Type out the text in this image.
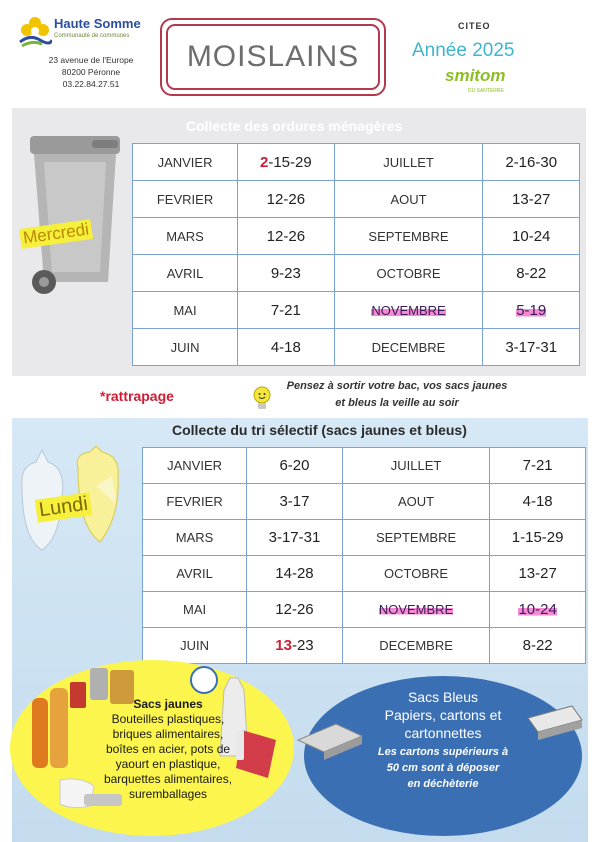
Haute Somme
Communauté de communes
23 avenue de l'Europe
80200 Péronne
03.22.84.27.51
MOISLAINS
CITEO
Année 2025
smitom
DU SANTERRE
Collecte des ordures ménagères
Mercredi
JANVIER	2-15-29	JUILLET	2-16-30
FEVRIER	12-26	AOUT	13-27
MARS	12-26	SEPTEMBRE	10-24
AVRIL	9-23	OCTOBRE	8-22
MAI	7-21	NOVEMBRE	5-19
JUIN	4-18	DECEMBRE	3-17-31
*rattrapage
Pensez à sortir votre bac, vos sacs jaunes et bleus la veille au soir
Collecte du tri sélectif (sacs jaunes et bleus)
Lundi
JANVIER	6-20	JUILLET	7-21
FEVRIER	3-17	AOUT	4-18
MARS	3-17-31	SEPTEMBRE	1-15-29
AVRIL	14-28	OCTOBRE	13-27
MAI	12-26	NOVEMBRE	10-24
JUIN	13-23	DECEMBRE	8-22
Sacs jaunes
Bouteilles plastiques,
briques alimentaires,
boîtes en acier, pots de
yaourt en plastique,
barquettes alimentaires,
suremballages
Sacs Bleus
Papiers, cartons et
cartonnettes
Les cartons supérieurs à
50 cm sont à déposer
en déchèterie
